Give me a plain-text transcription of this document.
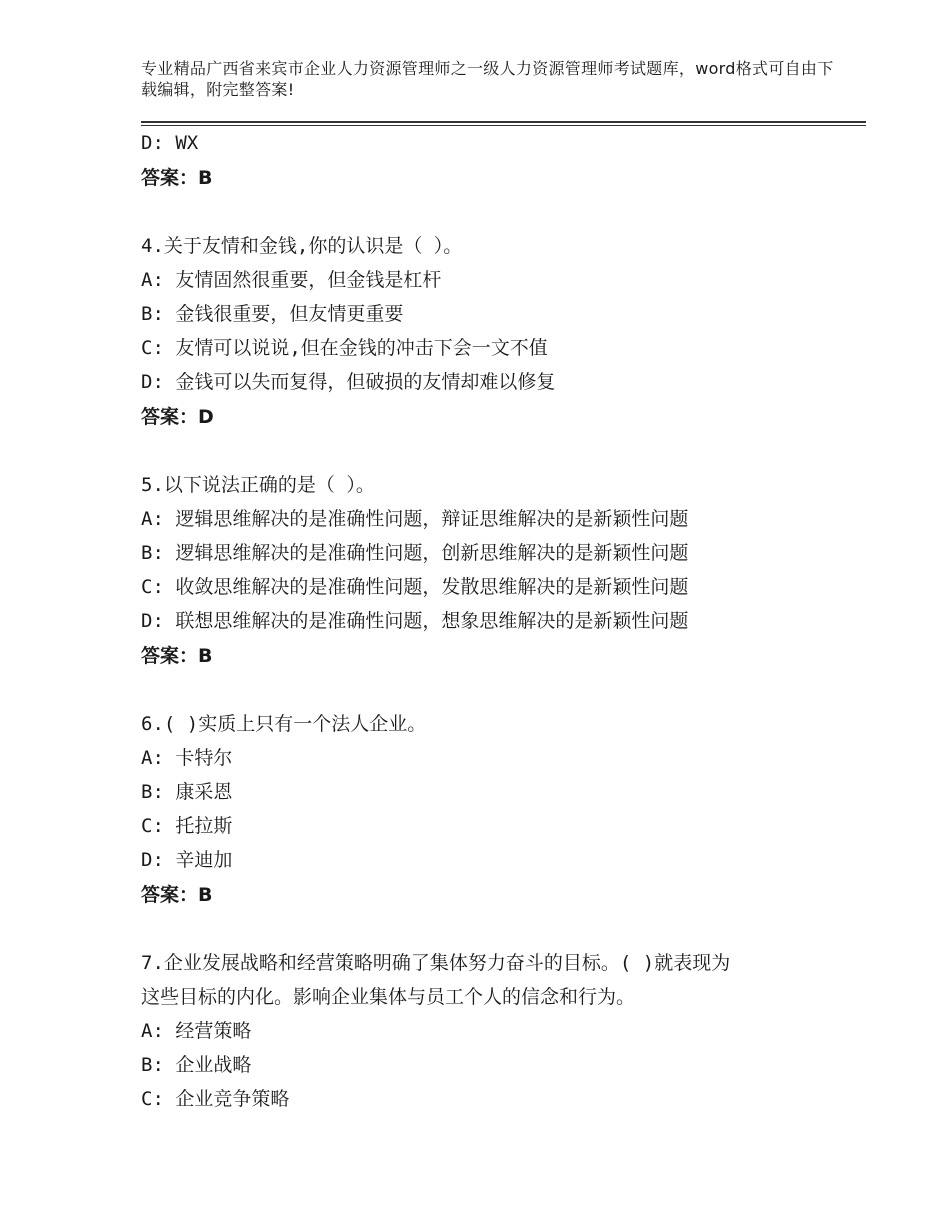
专业精品广西省来宾市企业人力资源管理师之一级人力资源管理师考试题库，word格式可自由下载编辑，附完整答案!
D: WX
答案：B
4.关于友情和金钱,你的认识是（ ）。
A: 友情固然很重要，但金钱是杠杆
B: 金钱很重要，但友情更重要
C: 友情可以说说,但在金钱的冲击下会一文不值
D: 金钱可以失而复得，但破损的友情却难以修复
答案：D
5.以下说法正确的是（ ）。
A: 逻辑思维解决的是准确性问题，辩证思维解决的是新颖性问题
B: 逻辑思维解决的是准确性问题，创新思维解决的是新颖性问题
C: 收敛思维解决的是准确性问题，发散思维解决的是新颖性问题
D: 联想思维解决的是准确性问题，想象思维解决的是新颖性问题
答案：B
6.( )实质上只有一个法人企业。
A: 卡特尔
B: 康采恩
C: 托拉斯
D: 辛迪加
答案：B
7.企业发展战略和经营策略明确了集体努力奋斗的目标。( )就表现为
这些目标的内化。影响企业集体与员工个人的信念和行为。
A: 经营策略
B: 企业战略
C: 企业竞争策略
